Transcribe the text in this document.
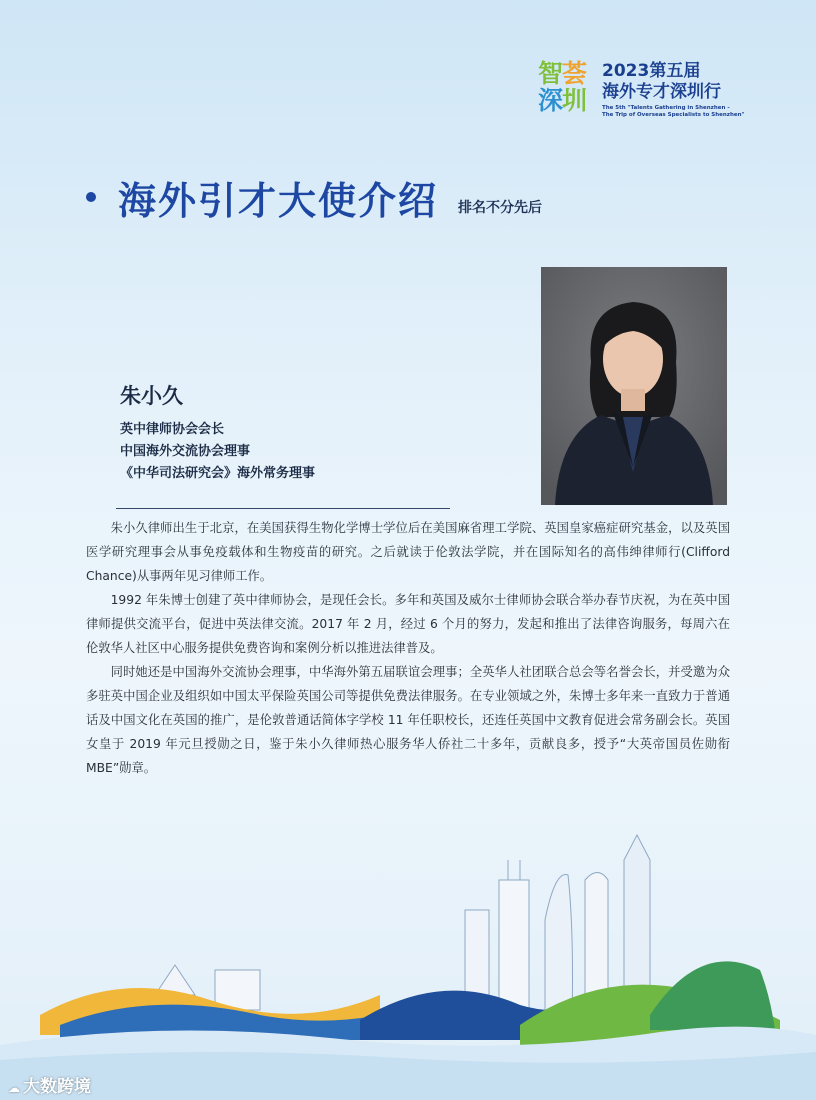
智荟
深圳
2023第五届
海外专才深圳行
The 5th "Talents Gathering in Shenzhen -
The Trip of Overseas Specialists to Shenzhen"
海外引才大使介绍 排名不分先后
朱小久
英中律师协会会长
中国海外交流协会理事
《中华司法研究会》海外常务理事

朱小久律师出生于北京，在美国获得生物化学博士学位后在美国麻省理工学院、英国皇家癌症研究基金，以及英国医学研究理事会从事免疫载体和生物疫苗的研究。之后就读于伦敦法学院，并在国际知名的高伟绅律师行(Clifford Chance)从事两年见习律师工作。

1992 年朱博士创建了英中律师协会，是现任会长。多年和英国及威尔士律师协会联合举办春节庆祝，为在英中国律师提供交流平台，促进中英法律交流。2017 年 2 月，经过 6 个月的努力，发起和推出了法律咨询服务，每周六在伦敦华人社区中心服务提供免费咨询和案例分析以推进法律普及。

同时她还是中国海外交流协会理事，中华海外第五届联谊会理事；全英华人社团联合总会等名誉会长，并受邀为众多驻英中国企业及组织如中国太平保险英国公司等提供免费法律服务。在专业领域之外，朱博士多年来一直致力于普通话及中国文化在英国的推广，是伦敦普通话简体字学校 11 年任职校长，还连任英国中文教育促进会常务副会长。英国女皇于 2019 年元旦授勋之日，鉴于朱小久律师热心服务华人侨社二十多年，贡献良多，授予“大英帝国员佐勋衔 MBE”勋章。

☁ 大数跨境
